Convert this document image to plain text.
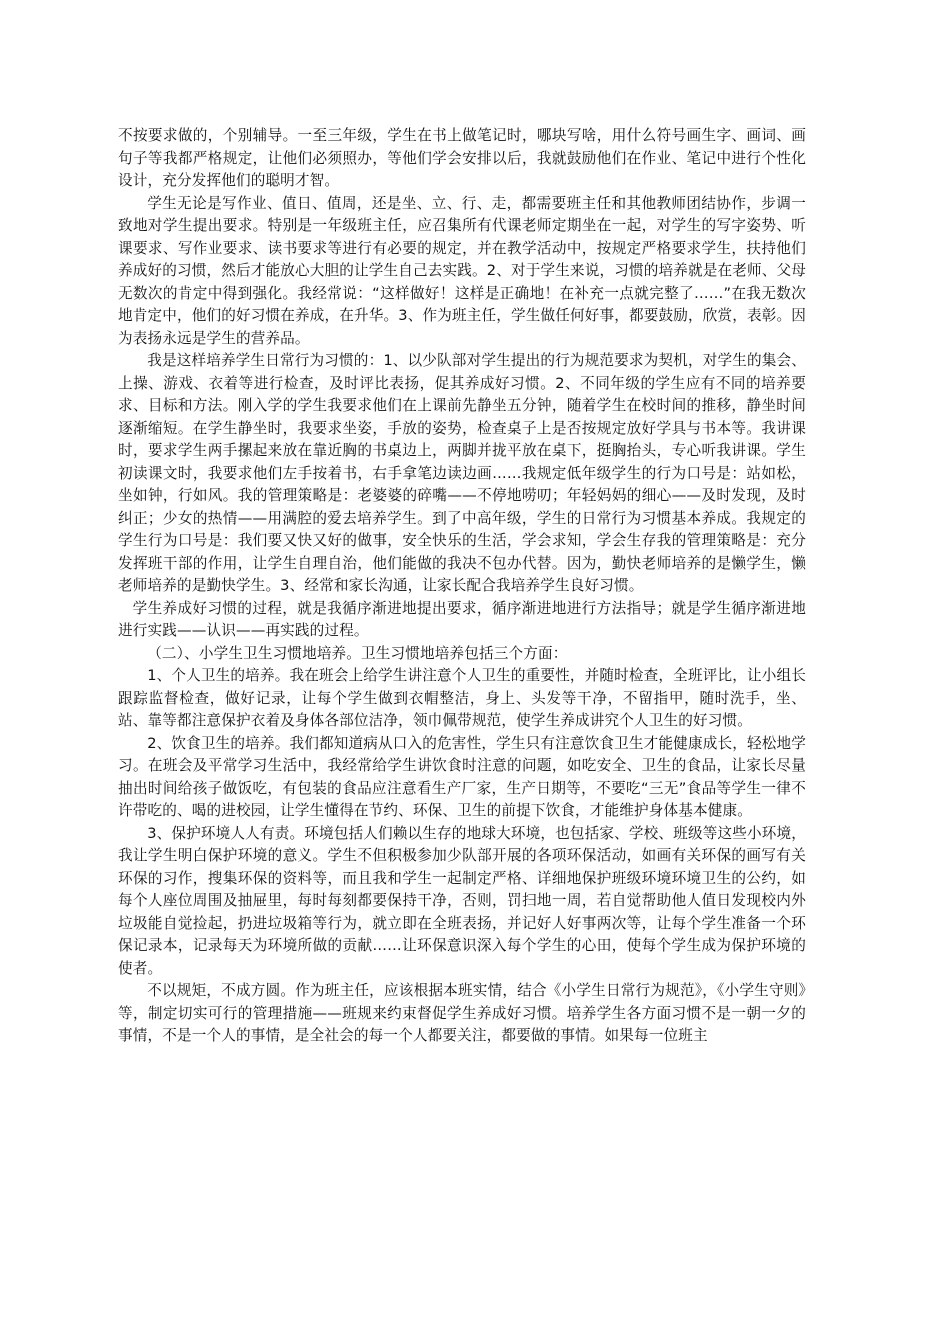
不按要求做的，个别辅导。一至三年级，学生在书上做笔记时，哪块写啥，用什么符号画生字、画词、画句子等我都严格规定，让他们必须照办，等他们学会安排以后，我就鼓励他们在作业、笔记中进行个性化设计，充分发挥他们的聪明才智。

学生无论是写作业、值日、值周，还是坐、立、行、走，都需要班主任和其他教师团结协作，步调一致地对学生提出要求。特别是一年级班主任，应召集所有代课老师定期坐在一起，对学生的写字姿势、听课要求、写作业要求、读书要求等进行有必要的规定，并在教学活动中，按规定严格要求学生，扶持他们养成好的习惯，然后才能放心大胆的让学生自己去实践。2、对于学生来说，习惯的培养就是在老师、父母无数次的肯定中得到强化。我经常说：“这样做好！这样是正确地！在补充一点就完整了……”在我无数次地肯定中，他们的好习惯在养成，在升华。3、作为班主任，学生做任何好事，都要鼓励，欣赏，表彰。因为表扬永远是学生的营养品。

我是这样培养学生日常行为习惯的：1、以少队部对学生提出的行为规范要求为契机，对学生的集会、上操、游戏、衣着等进行检查，及时评比表扬，促其养成好习惯。2、不同年级的学生应有不同的培养要求、目标和方法。刚入学的学生我要求他们在上课前先静坐五分钟，随着学生在校时间的推移，静坐时间逐渐缩短。在学生静坐时，我要求坐姿，手放的姿势，检查桌子上是否按规定放好学具与书本等。我讲课时，要求学生两手摞起来放在靠近胸的书桌边上，两脚并拢平放在桌下，挺胸抬头，专心听我讲课。学生初读课文时，我要求他们左手按着书，右手拿笔边读边画……我规定低年级学生的行为口号是：站如松，坐如钟，行如风。我的管理策略是：老婆婆的碎嘴——不停地唠叨；年轻妈妈的细心——及时发现，及时纠正；少女的热情——用满腔的爱去培养学生。到了中高年级，学生的日常行为习惯基本养成。我规定的学生行为口号是：我们要又快又好的做事，安全快乐的生活，学会求知，学会生存我的管理策略是：充分发挥班干部的作用，让学生自理自治，他们能做的我决不包办代替。因为，勤快老师培养的是懒学生，懒老师培养的是勤快学生。3、经常和家长沟通，让家长配合我培养学生良好习惯。

学生养成好习惯的过程，就是我循序渐进地提出要求，循序渐进地进行方法指导；就是学生循序渐进地进行实践——认识——再实践的过程。

（二）、小学生卫生习惯地培养。卫生习惯地培养包括三个方面：

1、个人卫生的培养。我在班会上给学生讲注意个人卫生的重要性，并随时检查，全班评比，让小组长跟踪监督检查，做好记录，让每个学生做到衣帽整洁，身上、头发等干净，不留指甲，随时洗手，坐、站、靠等都注意保护衣着及身体各部位洁净，领巾佩带规范，使学生养成讲究个人卫生的好习惯。

2、饮食卫生的培养。我们都知道病从口入的危害性，学生只有注意饮食卫生才能健康成长，轻松地学习。在班会及平常学习生活中，我经常给学生讲饮食时注意的问题，如吃安全、卫生的食品，让家长尽量抽出时间给孩子做饭吃，有包装的食品应注意看生产厂家，生产日期等，不要吃“三无”食品等学生一律不许带吃的、喝的进校园，让学生懂得在节约、环保、卫生的前提下饮食，才能维护身体基本健康。

3、保护环境人人有责。环境包括人们赖以生存的地球大环境，也包括家、学校、班级等这些小环境，我让学生明白保护环境的意义。学生不但积极参加少队部开展的各项环保活动，如画有关环保的画写有关环保的习作，搜集环保的资料等，而且我和学生一起制定严格、详细地保护班级环境环境卫生的公约，如每个人座位周围及抽屉里，每时每刻都要保持干净，否则，罚扫地一周，若自觉帮助他人值日发现校内外垃圾能自觉捡起，扔进垃圾箱等行为，就立即在全班表扬，并记好人好事两次等，让每个学生准备一个环保记录本，记录每天为环境所做的贡献……让环保意识深入每个学生的心田，使每个学生成为保护环境的使者。

不以规矩，不成方圆。作为班主任，应该根据本班实情，结合《小学生日常行为规范》，《小学生守则》等，制定切实可行的管理措施——班规来约束督促学生养成好习惯。培养学生各方面习惯不是一朝一夕的事情，不是一个人的事情，是全社会的每一个人都要关注，都要做的事情。如果每一位班主
